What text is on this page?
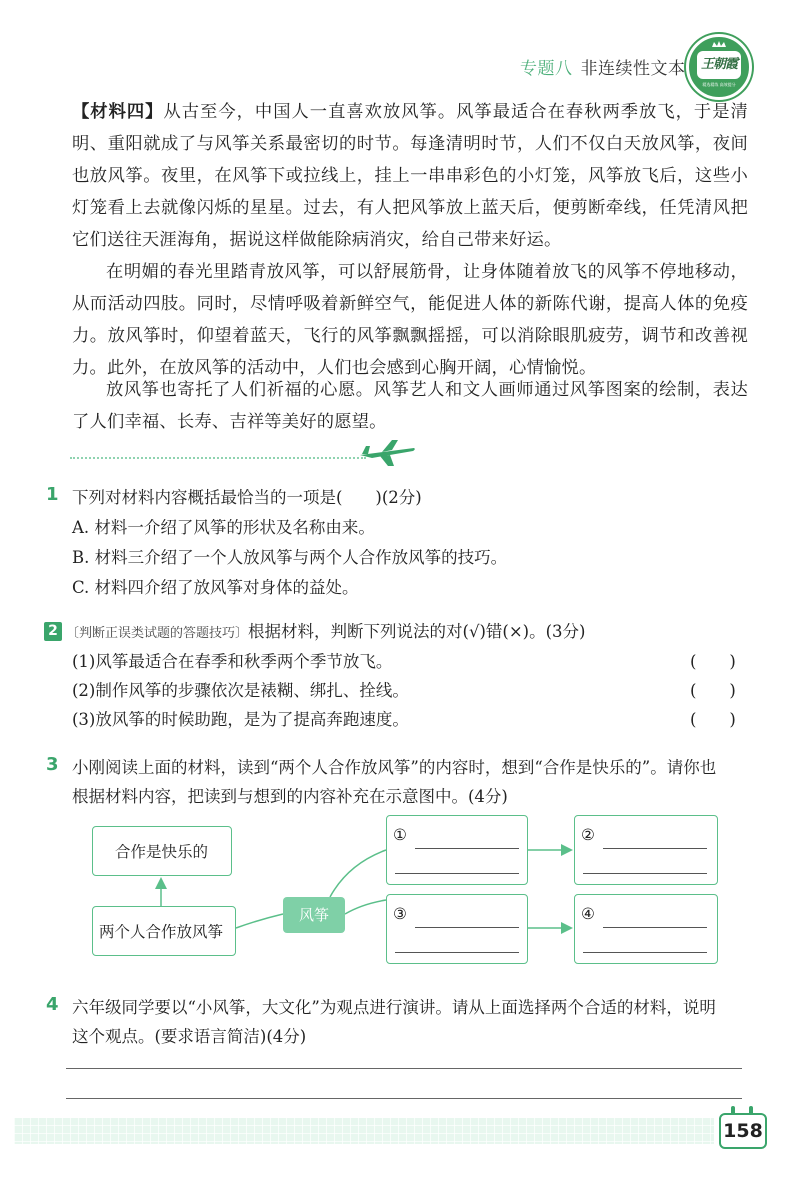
专题八 非连续性文本	王朝霞
精选精练 高效提分
【材料四】从古至今，中国人一直喜欢放风筝。风筝最适合在春秋两季放飞，于是清明、重阳就成了与风筝关系最密切的时节。每逢清明时节，人们不仅白天放风筝，夜间也放风筝。夜里，在风筝下或拉线上，挂上一串串彩色的小灯笼，风筝放飞后，这些小灯笼看上去就像闪烁的星星。过去，有人把风筝放上蓝天后，便剪断牵线，任凭清风把它们送往天涯海角，据说这样做能除病消灾，给自己带来好运。
在明媚的春光里踏青放风筝，可以舒展筋骨，让身体随着放飞的风筝不停地移动，从而活动四肢。同时，尽情呼吸着新鲜空气，能促进人体的新陈代谢，提高人体的免疫力。放风筝时，仰望着蓝天，飞行的风筝飘飘摇摇，可以消除眼肌疲劳，调节和改善视力。此外，在放风筝的活动中，人们也会感到心胸开阔，心情愉悦。
放风筝也寄托了人们祈福的心愿。风筝艺人和文人画师通过风筝图案的绘制，表达了人们幸福、长寿、吉祥等美好的愿望。
1 下列对材料内容概括最恰当的一项是(　　)(2分)
A. 材料一介绍了风筝的形状及名称由来。
B. 材料三介绍了一个人放风筝与两个人合作放风筝的技巧。
C. 材料四介绍了放风筝对身体的益处。
2 〔判断正误类试题的答题技巧〕根据材料，判断下列说法的对(√)错(×)。(3分)
(1)风筝最适合在春季和秋季两个季节放飞。	(　　)
(2)制作风筝的步骤依次是裱糊、绑扎、拴线。	(　　)
(3)放风筝的时候助跑，是为了提高奔跑速度。	(　　)
3 小刚阅读上面的材料，读到“两个人合作放风筝”的内容时，想到“合作是快乐的”。请你也
根据材料内容，把读到与想到的内容补充在示意图中。(4分)
合作是快乐的
两个人合作放风筝
风筝
①	②
③	④
4 六年级同学要以“小风筝，大文化”为观点进行演讲。请从上面选择两个合适的材料，说明
这个观点。(要求语言简洁)(4分)
158
